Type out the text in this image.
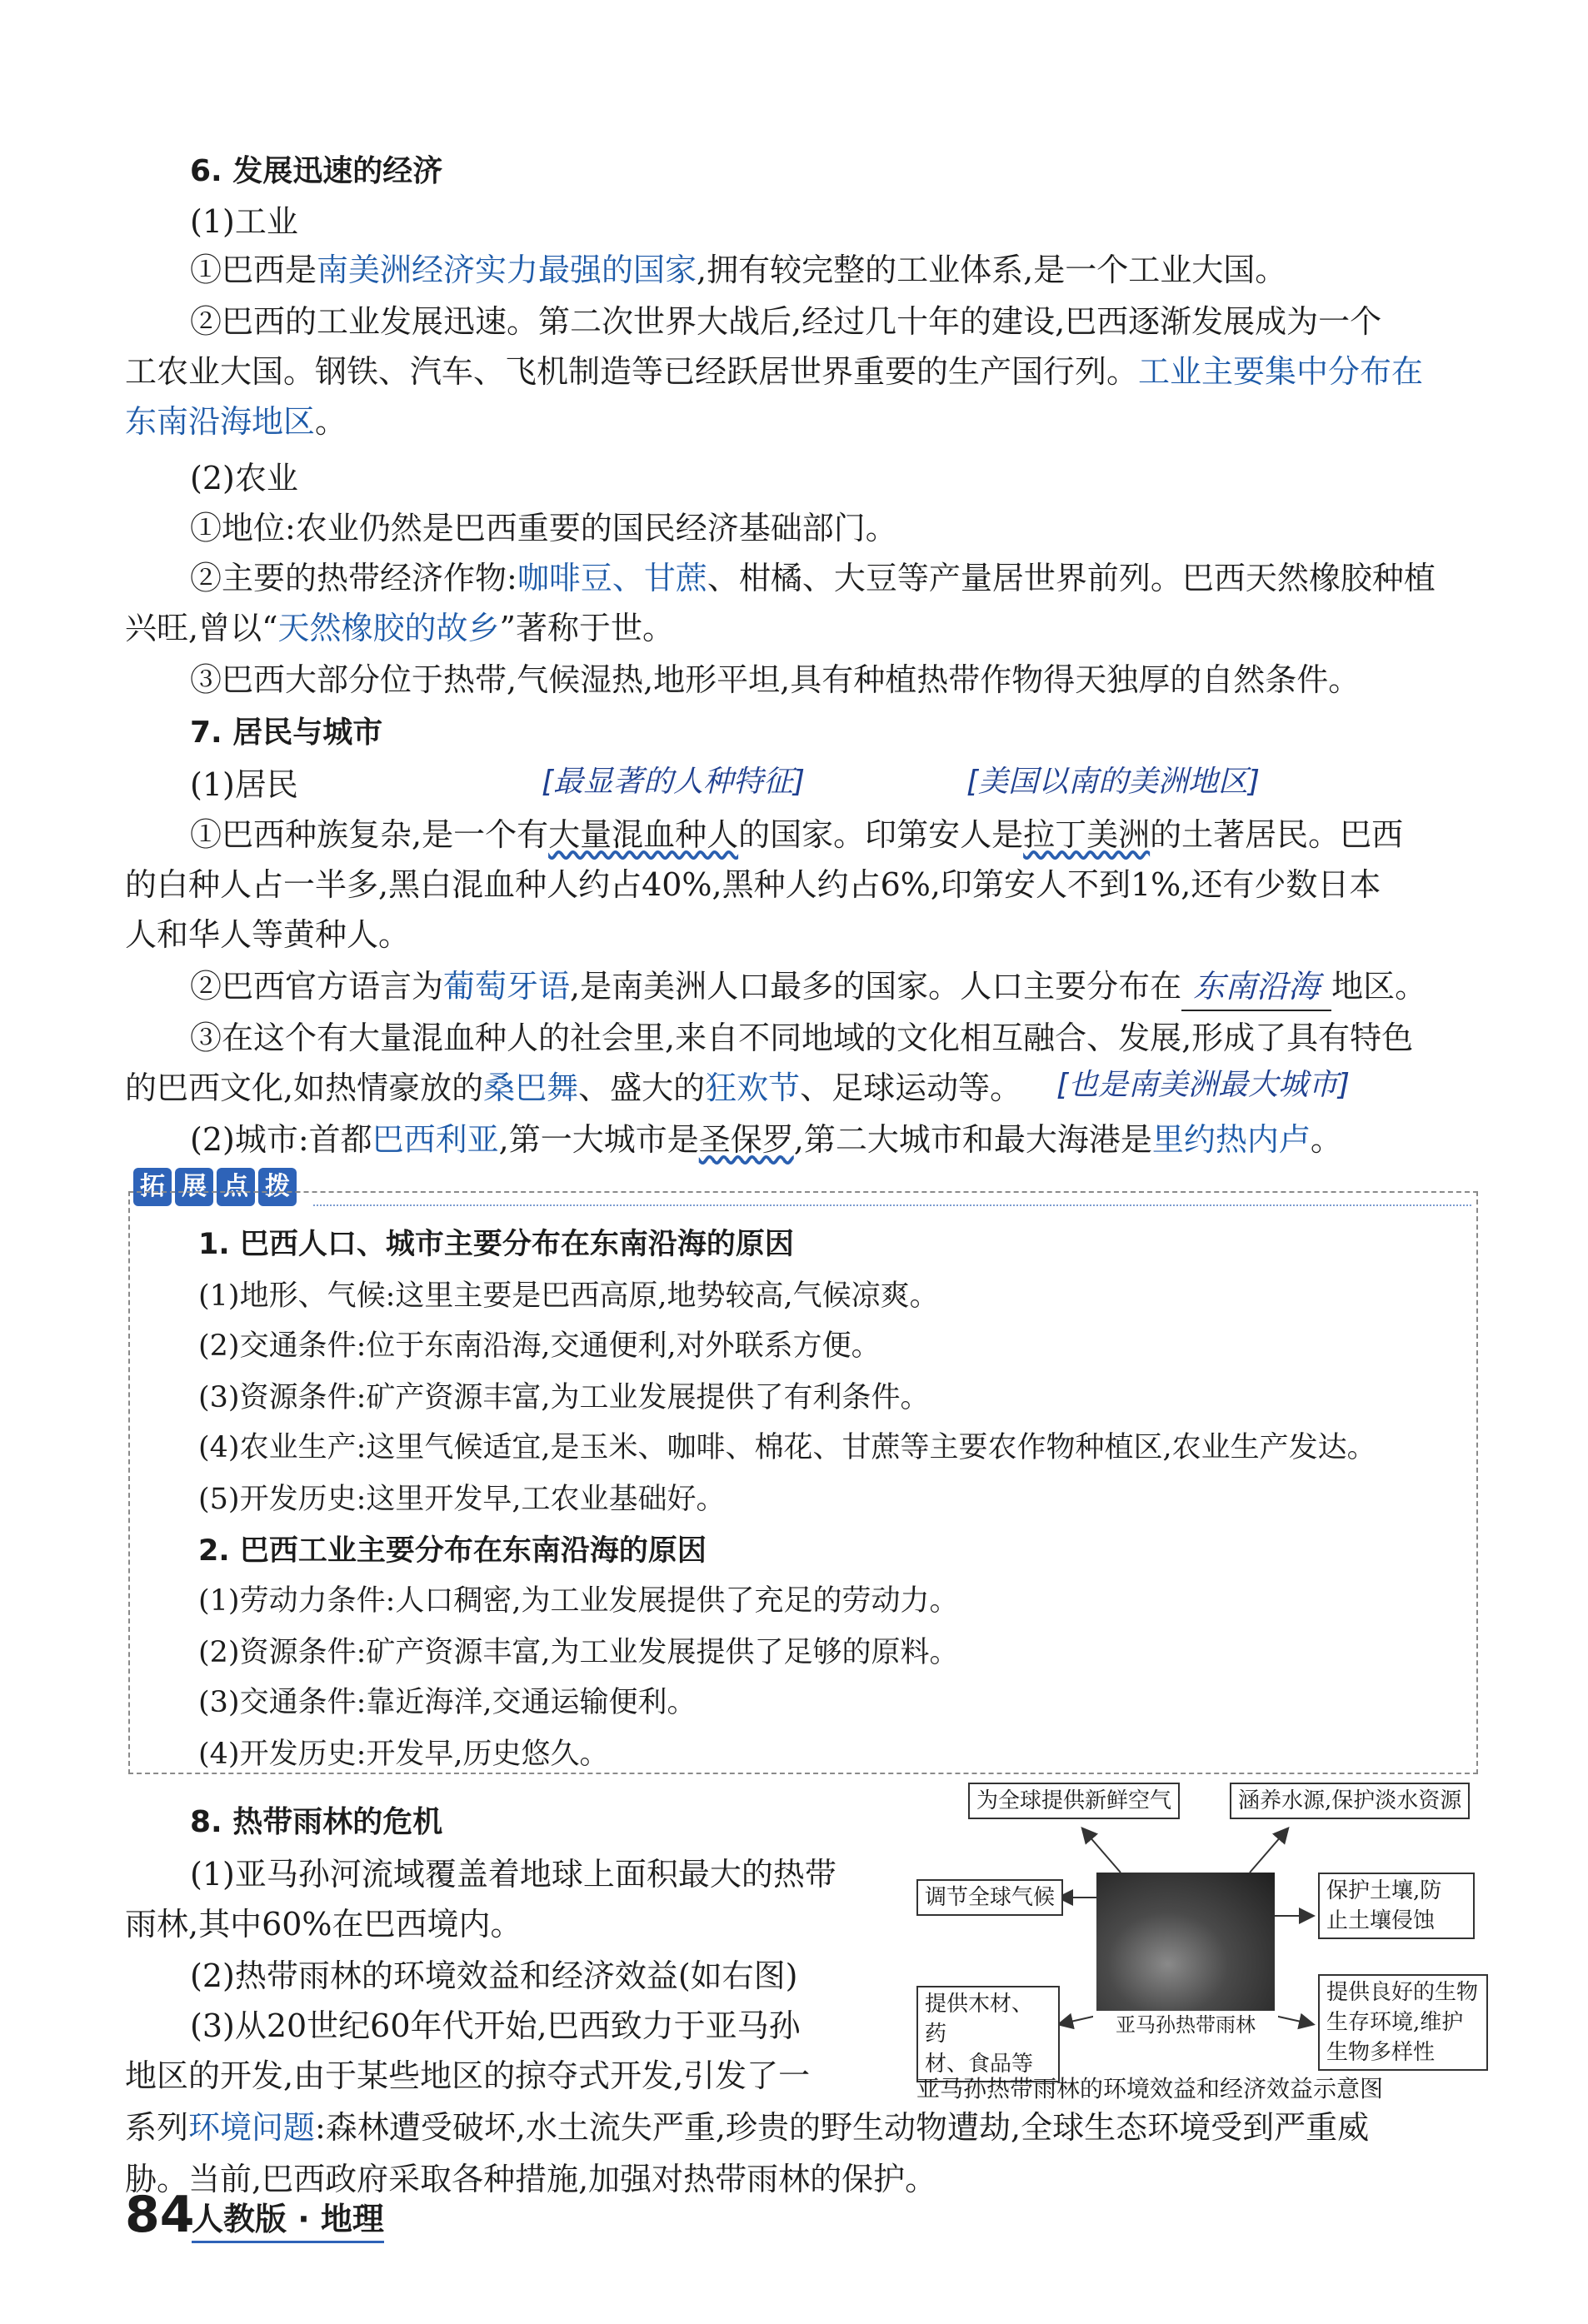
6. 发展迅速的经济
(1)工业
①巴西是南美洲经济实力最强的国家,拥有较完整的工业体系,是一个工业大国。
②巴西的工业发展迅速。第二次世界大战后,经过几十年的建设,巴西逐渐发展成为一个
工农业大国。钢铁、汽车、飞机制造等已经跃居世界重要的生产国行列。工业主要集中分布在
东南沿海地区。
(2)农业
①地位:农业仍然是巴西重要的国民经济基础部门。
②主要的热带经济作物:咖啡豆、甘蔗、柑橘、大豆等产量居世界前列。巴西天然橡胶种植
兴旺,曾以“天然橡胶的故乡”著称于世。
③巴西大部分位于热带,气候湿热,地形平坦,具有种植热带作物得天独厚的自然条件。
7. 居民与城市
(1)居民	[最显著的人种特征]	[美国以南的美洲地区]
①巴西种族复杂,是一个有大量混血种人的国家。印第安人是拉丁美洲的土著居民。巴西
的白种人占一半多,黑白混血种人约占40%,黑种人约占6%,印第安人不到1%,还有少数日本
人和华人等黄种人。
②巴西官方语言为葡萄牙语,是南美洲人口最多的国家。人口主要分布在 东南沿海 地区。
③在这个有大量混血种人的社会里,来自不同地域的文化相互融合、发展,形成了具有特色
的巴西文化,如热情豪放的桑巴舞、盛大的狂欢节、足球运动等。 [也是南美洲最大城市]
(2)城市:首都巴西利亚,第一大城市是圣保罗,第二大城市和最大海港是里约热内卢。
拓 展 点 拨
1. 巴西人口、城市主要分布在东南沿海的原因
(1)地形、气候:这里主要是巴西高原,地势较高,气候凉爽。
(2)交通条件:位于东南沿海,交通便利,对外联系方便。
(3)资源条件:矿产资源丰富,为工业发展提供了有利条件。
(4)农业生产:这里气候适宜,是玉米、咖啡、棉花、甘蔗等主要农作物种植区,农业生产发达。
(5)开发历史:这里开发早,工农业基础好。
2. 巴西工业主要分布在东南沿海的原因
(1)劳动力条件:人口稠密,为工业发展提供了充足的劳动力。
(2)资源条件:矿产资源丰富,为工业发展提供了足够的原料。
(3)交通条件:靠近海洋,交通运输便利。
(4)开发历史:开发早,历史悠久。
8. 热带雨林的危机
(1)亚马孙河流域覆盖着地球上面积最大的热带
雨林,其中60%在巴西境内。
(2)热带雨林的环境效益和经济效益(如右图)
(3)从20世纪60年代开始,巴西致力于亚马孙
地区的开发,由于某些地区的掠夺式开发,引发了一
系列环境问题:森林遭受破坏,水土流失严重,珍贵的野生动物遭劫,全球生态环境受到严重威
胁。当前,巴西政府采取各种措施,加强对热带雨林的保护。
为全球提供新鲜空气	涵养水源,保护淡水资源
调节全球气候	保护土壤,防
止土壤侵蚀
提供木材、药
材、食品等
提供良好的生物
生存环境,维护
生物多样性
亚马孙热带雨林
亚马孙热带雨林的环境效益和经济效益示意图
84
人教版 · 地理
